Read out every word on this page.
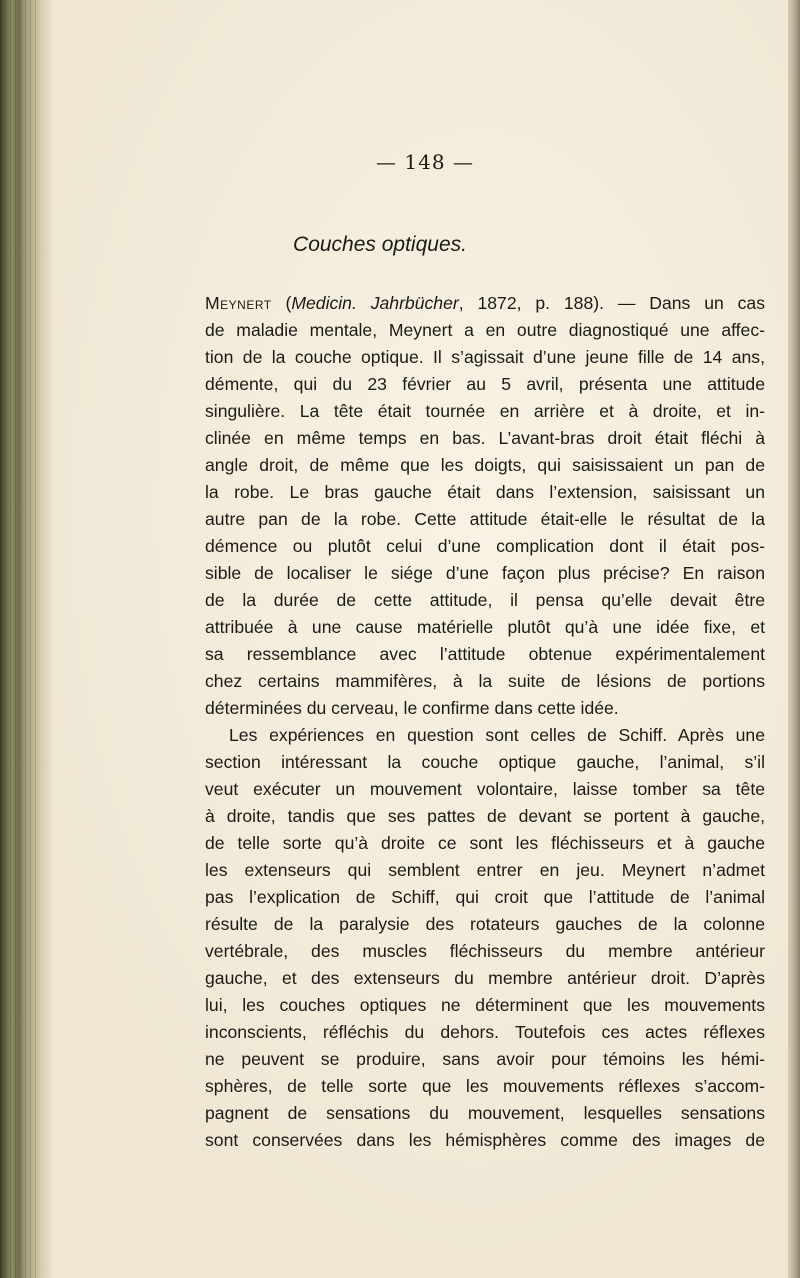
— 148 —
Couches optiques.
Meynert (Medicin. Jahrbücher, 1872, p. 188). — Dans un cas
de maladie mentale, Meynert a en outre diagnostiqué une affec-
tion de la couche optique. Il s’agissait d’une jeune fille de 14 ans,
démente, qui du 23 février au 5 avril, présenta une attitude
singulière. La tête était tournée en arrière et à droite, et in-
clinée en même temps en bas. L’avant-bras droit était fléchi à
angle droit, de même que les doigts, qui saisissaient un pan de
la robe. Le bras gauche était dans l’extension, saisissant un
autre pan de la robe. Cette attitude était-elle le résultat de la
démence ou plutôt celui d’une complication dont il était pos-
sible de localiser le siége d’une façon plus précise? En raison
de la durée de cette attitude, il pensa qu’elle devait être
attribuée à une cause matérielle plutôt qu’à une idée fixe, et
sa ressemblance avec l’attitude obtenue expérimentalement
chez certains mammifères, à la suite de lésions de portions
déterminées du cerveau, le confirme dans cette idée.
Les expériences en question sont celles de Schiff. Après une
section intéressant la couche optique gauche, l’animal, s’il
veut exécuter un mouvement volontaire, laisse tomber sa tête
à droite, tandis que ses pattes de devant se portent à gauche,
de telle sorte qu’à droite ce sont les fléchisseurs et à gauche
les extenseurs qui semblent entrer en jeu. Meynert n’admet
pas l’explication de Schiff, qui croit que l’attitude de l’animal
résulte de la paralysie des rotateurs gauches de la colonne
vertébrale, des muscles fléchisseurs du membre antérieur
gauche, et des extenseurs du membre antérieur droit. D’après
lui, les couches optiques ne déterminent que les mouvements
inconscients, réfléchis du dehors. Toutefois ces actes réflexes
ne peuvent se produire, sans avoir pour témoins les hémi-
sphères, de telle sorte que les mouvements réflexes s’accom-
pagnent de sensations du mouvement, lesquelles sensations
sont conservées dans les hémisphères comme des images de
